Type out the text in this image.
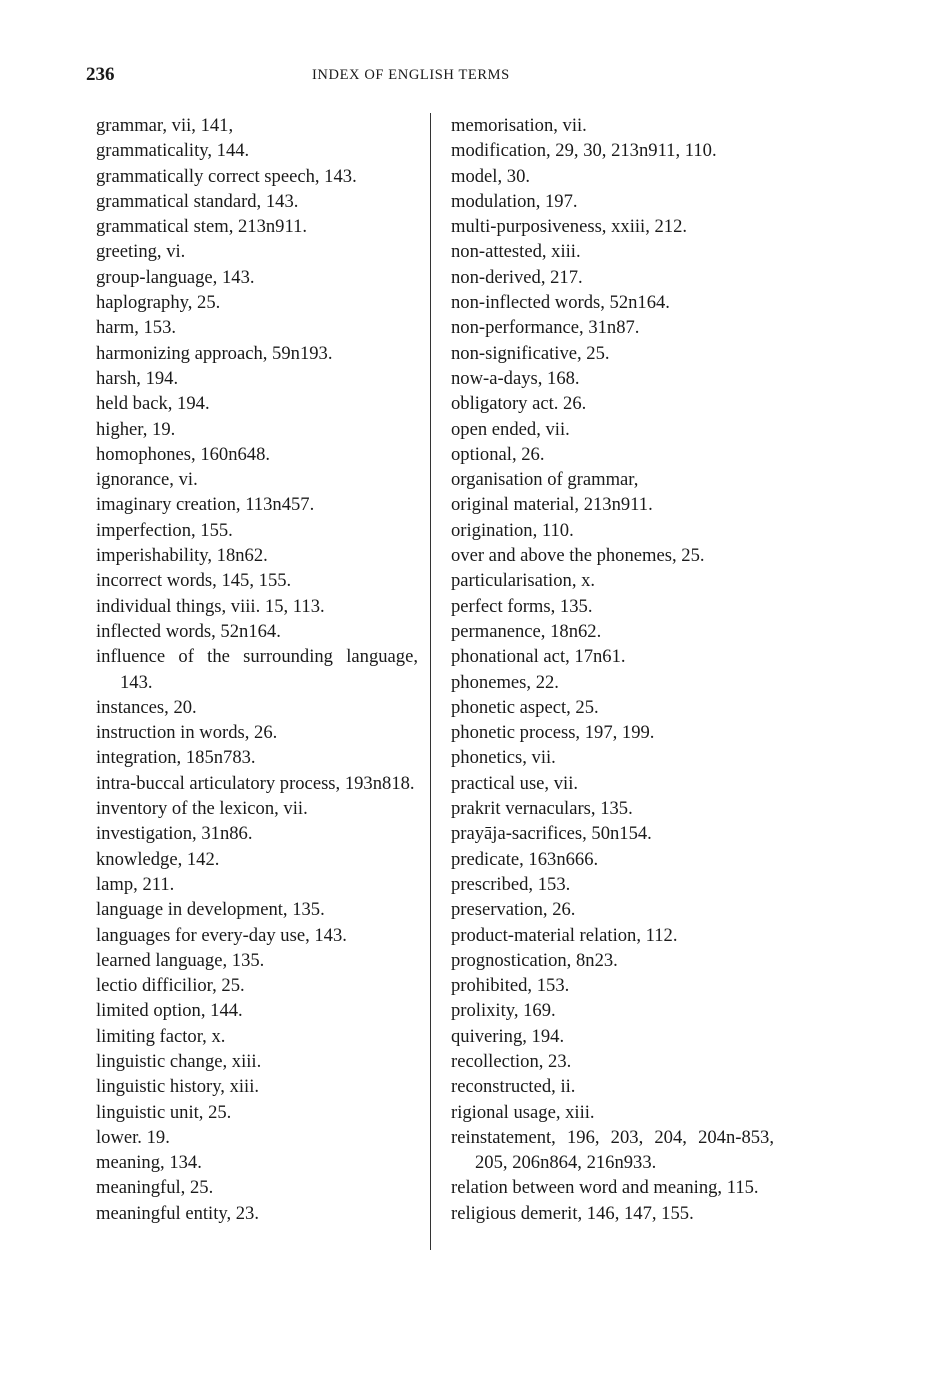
236	INDEX OF ENGLISH TERMS
grammar, vii, 141,
grammaticality, 144.
grammatically correct speech, 143.
grammatical standard, 143.
grammatical stem, 213n911.
greeting, vi.
group-language, 143.
haplography, 25.
harm, 153.
harmonizing approach, 59n193.
harsh, 194.
held back, 194.
higher, 19.
homophones, 160n648.
ignorance, vi.
imaginary creation, 113n457.
imperfection, 155.
imperishability, 18n62.
incorrect words, 145, 155.
individual things, viii. 15, 113.
inflected words, 52n164.
influence of the surrounding language, 143.
instances, 20.
instruction in words, 26.
integration, 185n783.
intra-buccal articulatory process, 193n818.
inventory of the lexicon, vii.
investigation, 31n86.
knowledge, 142.
lamp, 211.
language in development, 135.
languages for every-day use, 143.
learned language, 135.
lectio difficilior, 25.
limited option, 144.
limiting factor, x.
linguistic change, xiii.
linguistic history, xiii.
linguistic unit, 25.
lower. 19.
meaning, 134.
meaningful, 25.
meaningful entity, 23.
memorisation, vii.
modification, 29, 30, 213n911, 110.
model, 30.
modulation, 197.
multi-purposiveness, xxiii, 212.
non-attested, xiii.
non-derived, 217.
non-inflected words, 52n164.
non-performance, 31n87.
non-significative, 25.
now-a-days, 168.
obligatory act. 26.
open ended, vii.
optional, 26.
organisation of grammar,
original material, 213n911.
origination, 110.
over and above the phonemes, 25.
particularisation, x.
perfect forms, 135.
permanence, 18n62.
phonational act, 17n61.
phonemes, 22.
phonetic aspect, 25.
phonetic process, 197, 199.
phonetics, vii.
practical use, vii.
prakrit vernaculars, 135.
prayāja-sacrifices, 50n154.
predicate, 163n666.
prescribed, 153.
preservation, 26.
product-material relation, 112.
prognostication, 8n23.
prohibited, 153.
prolixity, 169.
quivering, 194.
recollection, 23.
reconstructed, ii.
rigional usage, xiii.
reinstatement, 196, 203, 204, 204n-853, 205, 206n864, 216n933.
relation between word and meaning, 115.
religious demerit, 146, 147, 155.
